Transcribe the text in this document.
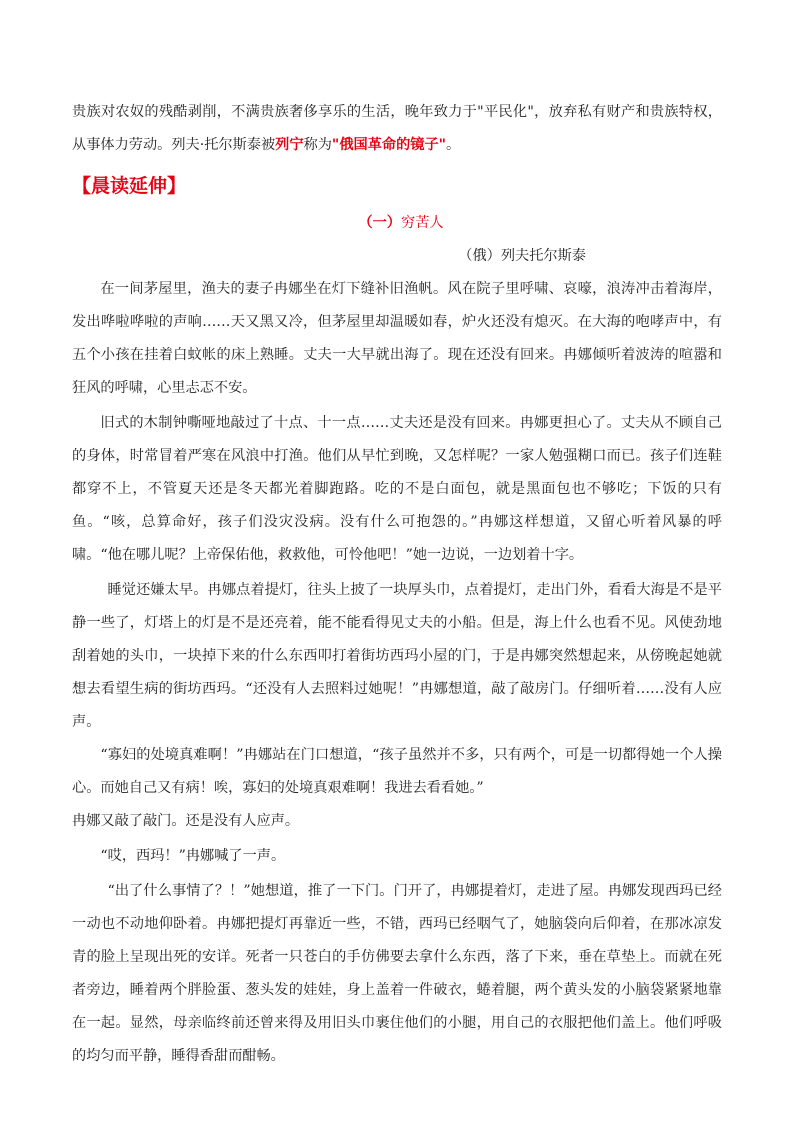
贵族对农奴的残酷剥削，不满贵族奢侈享乐的生活，晚年致力于"平民化"，放弃私有财产和贵族特权，从事体力劳动。列夫·托尔斯泰被列宁称为"俄国革命的镜子"。

【晨读延伸】

（一）穷苦人

（俄）列夫托尔斯泰

在一间茅屋里，渔夫的妻子冉娜坐在灯下缝补旧渔帆。风在院子里呼啸、哀嚎，浪涛冲击着海岸，发出哗啦哗啦的声响……天又黑又冷，但茅屋里却温暖如春，炉火还没有熄灭。在大海的咆哮声中，有五个小孩在挂着白蚊帐的床上熟睡。丈夫一大早就出海了。现在还没有回来。冉娜倾听着波涛的喧嚣和狂风的呼啸，心里忐忑不安。

旧式的木制钟嘶哑地敲过了十点、十一点……丈夫还是没有回来。冉娜更担心了。丈夫从不顾自己的身体，时常冒着严寒在风浪中打渔。他们从早忙到晚，又怎样呢？一家人勉强糊口而已。孩子们连鞋都穿不上，不管夏天还是冬天都光着脚跑路。吃的不是白面包，就是黑面包也不够吃；下饭的只有鱼。“咳，总算命好，孩子们没灾没病。没有什么可抱怨的。”冉娜这样想道，又留心听着风暴的呼啸。“他在哪儿呢？上帝保佑他，救救他，可怜他吧！”她一边说，一边划着十字。

睡觉还嫌太早。冉娜点着提灯，往头上披了一块厚头巾，点着提灯，走出门外，看看大海是不是平静一些了，灯塔上的灯是不是还亮着，能不能看得见丈夫的小船。但是，海上什么也看不见。风使劲地刮着她的头巾，一块掉下来的什么东西叩打着街坊西玛小屋的门，于是冉娜突然想起来，从傍晚起她就想去看望生病的街坊西玛。“还没有人去照料过她呢！”冉娜想道，敲了敲房门。仔细听着……没有人应声。

“寡妇的处境真难啊！”冉娜站在门口想道，“孩子虽然并不多，只有两个，可是一切都得她一个人操心。而她自己又有病！唉，寡妇的处境真艰难啊！我进去看看她。”

冉娜又敲了敲门。还是没有人应声。

“哎，西玛！”冉娜喊了一声。

“出了什么事情了？！”她想道，推了一下门。门开了，冉娜提着灯，走进了屋。冉娜发现西玛已经一动也不动地仰卧着。冉娜把提灯再靠近一些，不错，西玛已经咽气了，她脑袋向后仰着，在那冰凉发青的脸上呈现出死的安详。死者一只苍白的手仿佛要去拿什么东西，落了下来，垂在草垫上。而就在死者旁边，睡着两个胖脸蛋、葱头发的娃娃，身上盖着一件破衣，蜷着腿，两个黄头发的小脑袋紧紧地靠在一起。显然，母亲临终前还曾来得及用旧头巾裹住他们的小腿，用自己的衣服把他们盖上。他们呼吸的均匀而平静，睡得香甜而酣畅。
